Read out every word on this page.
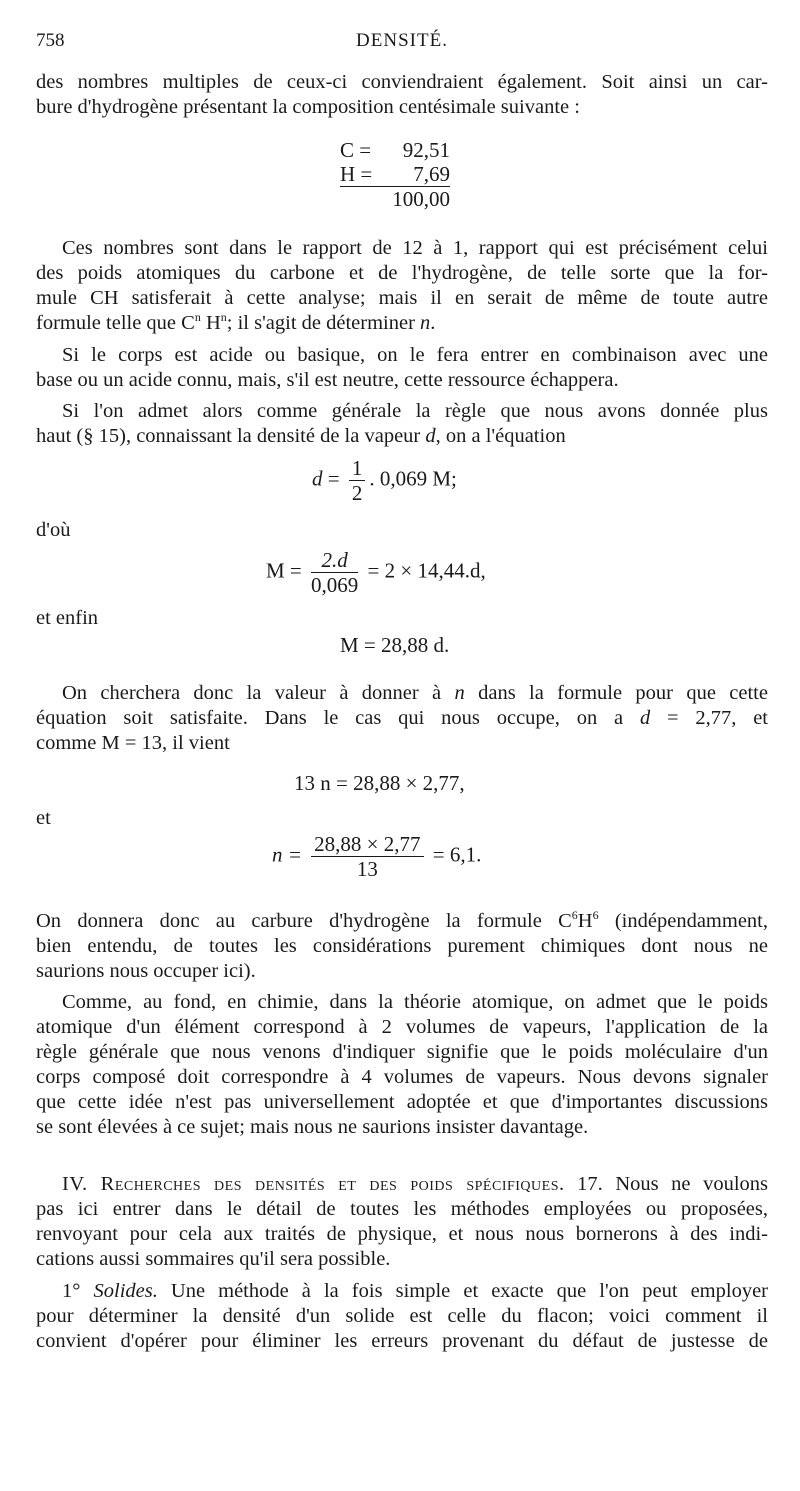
758	DENSITÉ.
des nombres multiples de ceux-ci conviendraient également. Soit ainsi un car-
bure d'hydrogène présentant la composition centésimale suivante :
C =	92,51
H =	7,69
	100,00
Ces nombres sont dans le rapport de 12 à 1, rapport qui est précisément celui
des poids atomiques du carbone et de l'hydrogène, de telle sorte que la for-
mule CH satisferait à cette analyse; mais il en serait de même de toute autre
formule telle que $C^n$ $H^n$; il s'agit de déterminer n.
Si le corps est acide ou basique, on le fera entrer en combinaison avec une
base ou un acide connu, mais, s'il est neutre, cette ressource échappera.
Si l'on admet alors comme générale la règle que nous avons donnée plus
haut (§ 15), connaissant la densité de la vapeur d, on a l'équation
$d = \frac{1}{2}$ . 0,069 M;
d'où
$M = \frac{2.d}{0,069} = 2 \times 14,44.d$,
et enfin
M = 28,88 d.
On cherchera donc la valeur à donner à n dans la formule pour que cette
équation soit satisfaite. Dans le cas qui nous occupe, on a d = 2,77, et
comme M = 13, il vient
13 n = 28,88 × 2,77,
et
$n = \frac{28,88 \times 2,77}{13} = 6,1$.
On donnera donc au carbure d'hydrogène la formule $C^6H^6$ (indépendamment,
bien entendu, de toutes les considérations purement chimiques dont nous ne
saurions nous occuper ici).
Comme, au fond, en chimie, dans la théorie atomique, on admet que le poids
atomique d'un élément correspond à 2 volumes de vapeurs, l'application de la
règle générale que nous venons d'indiquer signifie que le poids moléculaire d'un
corps composé doit correspondre à 4 volumes de vapeurs. Nous devons signaler
que cette idée n'est pas universellement adoptée et que d'importantes discussions
se sont élevées à ce sujet; mais nous ne saurions insister davantage.
IV. Recherches des densités et des poids spécifiques. 17. Nous ne voulons
pas ici entrer dans le détail de toutes les méthodes employées ou proposées,
renvoyant pour cela aux traités de physique, et nous nous bornerons à des indi-
cations aussi sommaires qu'il sera possible.
1° Solides. Une méthode à la fois simple et exacte que l'on peut employer
pour déterminer la densité d'un solide est celle du flacon; voici comment il
convient d'opérer pour éliminer les erreurs provenant du défaut de justesse de
